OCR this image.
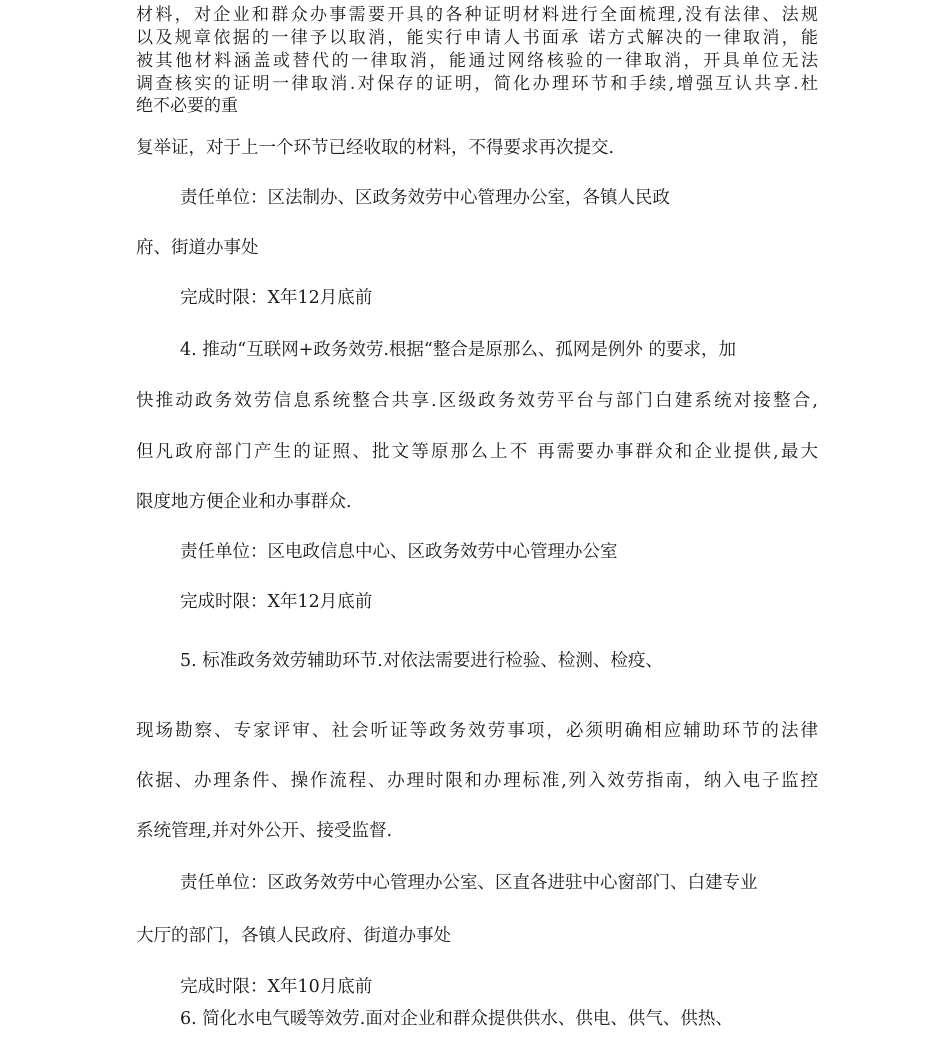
材料，对企业和群众办事需要开具的各种证明材料进行全面梳理,没有法律、法规
以及规章依据的一律予以取消，能实行申请人书面承 诺方式解决的一律取消，能
被其他材料涵盖或替代的一律取消，能通过网络核验的一律取消，开具单位无法
调查核实的证明一律取消.对保存的证明，简化办理环节和手续,增强互认共享.杜
绝不必要的重
复举证，对于上一个环节已经收取的材料，不得要求再次提交.
责任单位：区法制办、区政务效劳中心管理办公室，各镇人民政
府、街道办事处
完成时限：X年12月底前
4. 推动“互联网+政务效劳.根据“整合是原那么、孤网是例外 的要求，加
快推动政务效劳信息系统整合共享.区级政务效劳平台与部门白建系统对接整合,
但凡政府部门产生的证照、批文等原那么上不 再需要办事群众和企业提供,最大
限度地方便企业和办事群众.
责任单位：区电政信息中心、区政务效劳中心管理办公室
完成时限：X年12月底前
5. 标准政务效劳辅助环节.对依法需要进行检验、检测、检疫、
现场勘察、专家评审、社会听证等政务效劳事项，必须明确相应辅助环节的法律
依据、办理条件、操作流程、办理时限和办理标准,列入效劳指南，纳入电子监控
系统管理,并对外公开、接受监督.
责任单位：区政务效劳中心管理办公室、区直各进驻中心窗部门、白建专业
大厅的部门，各镇人民政府、街道办事处
完成时限：X年10月底前
6. 简化水电气暖等效劳.面对企业和群众提供供水、供电、供气、供热、
